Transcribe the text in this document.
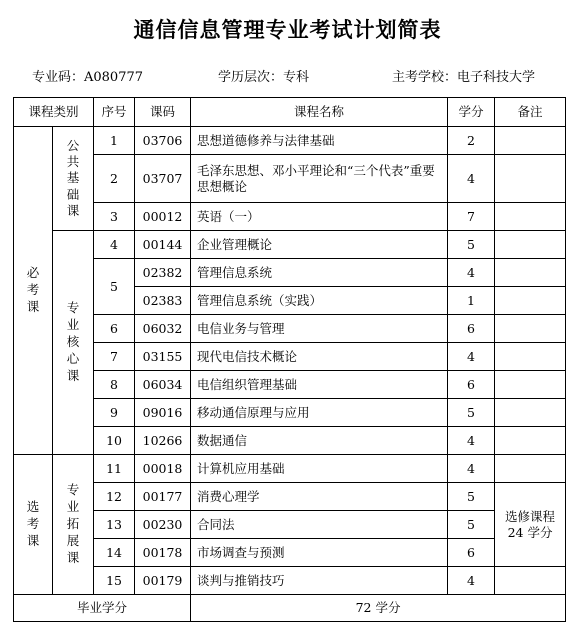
通信信息管理专业考试计划简表
专业码：A080777	学历层次：专科	主考学校：电子科技大学
课程类别		序号	课码	课程名称	学分	备注
必考课	公共基础课	1	03706	思想道德修养与法律基础	2	
		2	03707	毛泽东思想、邓小平理论和“三个代表”重要思想概论	4	
		3	00012	英语（一）	7	
	专业核心课	4	00144	企业管理概论	5	
		5	02382	管理信息系统	4	
			02383	管理信息系统（实践）	1	
		6	06032	电信业务与管理	6	
		7	03155	现代电信技术概论	4	
		8	06034	电信组织管理基础	6	
		9	09016	移动通信原理与应用	5	
		10	10266	数据通信	4	
选考课	专业拓展课	11	00018	计算机应用基础	4	
		12	00177	消费心理学	5	选修课程 24 学分
		13	00230	合同法	5	
		14	00178	市场调查与预测	6	
		15	00179	谈判与推销技巧	4	
毕业学分				72 学分		
